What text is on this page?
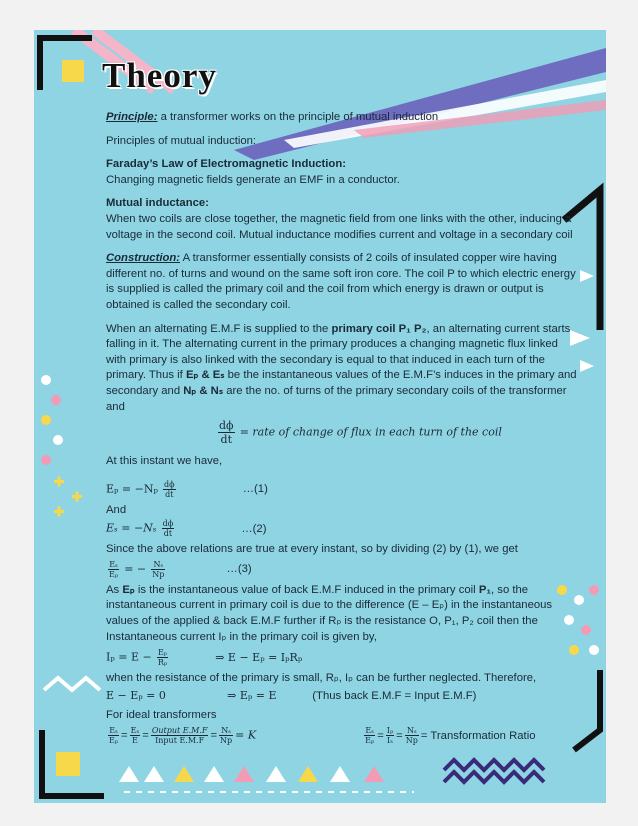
Theory

Principle: a transformer works on the principle of mutual induction

Principles of mutual induction:

Faraday’s Law of Electromagnetic Induction:
Changing magnetic fields generate an EMF in a conductor.

Mutual inductance:
When two coils are close together, the magnetic field from one links with the other, inducing a voltage in the second coil. Mutual inductance modifies current and voltage in a secondary coil

Construction: A transformer essentially consists of 2 coils of insulated copper wire having different no. of turns and wound on the same soft iron core. The coil P to which electric energy is supplied is called the primary coil and the coil from which energy is drawn or output is obtained is called the secondary coil.

When an alternating E.M.F is supplied to the primary coil P₁ P₂, an alternating current starts falling in it. The alternating current in the primary produces a changing magnetic flux linked with primary is also linked with the secondary is equal to that induced in each turn of the primary. Thus if Eₚ & Eₛ be the instantaneous values of the E.M.F’s induces in the primary and secondary and Nₚ & Nₛ are the no. of turns of the primary secondary coils of the transformer and

$\frac{d\phi}{dt}$ = rate of change of flux in each turn of the coil

At this instant we have,

$E_p = -N_p \frac{d\phi}{dt}$	…(1)
And
$E_s = -N_s \frac{d\phi}{dt}$	…(2)
Since the above relations are true at every instant, so by dividing (2) by (1), we get
$\frac{\text{Eₛ}}{\text{Eₚ}}$ = − $\frac{\text{Nₛ}}{Np}$	…(3)

As Eₚ is the instantaneous value of back E.M.F induced in the primary coil P₁, so the instantaneous current in primary coil is due to the difference (E – Eₚ) in the instantaneous values of the applied & back E.M.F further if Rₚ is the resistance O, P₁, P₂ coil then the Instantaneous current Iₚ in the primary coil is given by,

$I_p = E - \frac{\text{Eₚ}}{\text{Rₚ}}$	⇒ E − Eₚ = IₚRₚ
when the resistance of the primary is small, Rₚ, Iₚ can be further neglected. Therefore,
E − Eₚ = 0	⇒ Eₚ = E	(Thus back E.M.F = Input E.M.F)
For ideal transformers
$\frac{\text{Eₛ}}{\text{Eₚ}} = \frac{\text{Eₛ}}{E} = \frac{\text{Output E.M.F}}{\text{Input E.M.F}} = \frac{\text{Nₛ}}{Np} = K$	$\frac{\text{Eₛ}}{\text{Eₚ}} = \frac{\text{Iₚ}}{\text{Iₛ}} = \frac{\text{Nₛ}}{Np}$ = Transformation Ratio
